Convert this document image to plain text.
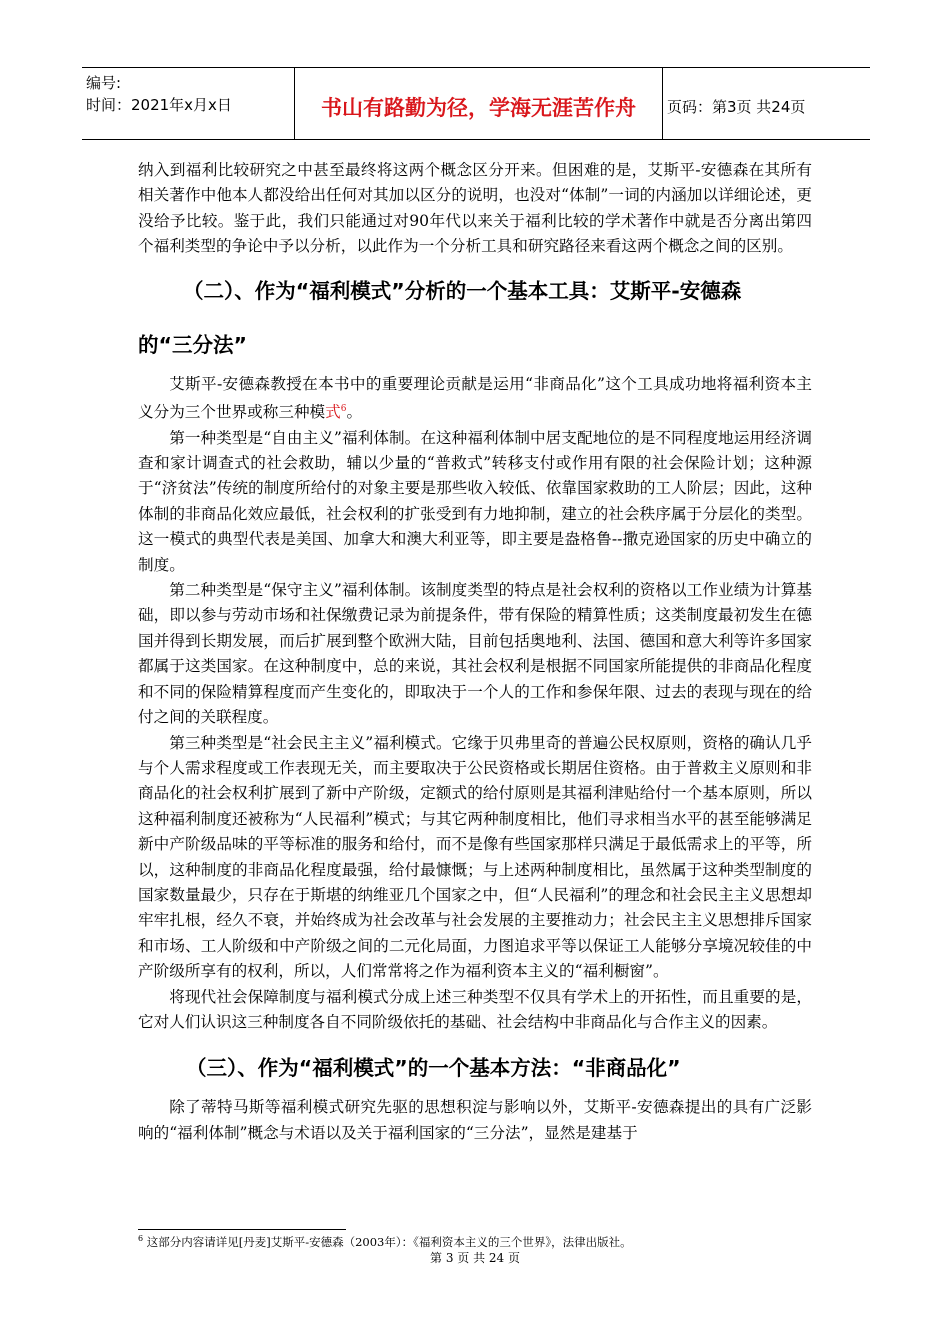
编号:
时间：2021年x月x日	书山有路勤为径，学海无涯苦作舟	页码：第3页 共24页

纳入到福利比较研究之中甚至最终将这两个概念区分开来。但困难的是，艾斯平-安德森在其所有相关著作中他本人都没给出任何对其加以区分的说明，也没对“体制”一词的内涵加以详细论述，更没给予比较。鉴于此，我们只能通过对90年代以来关于福利比较的学术著作中就是否分离出第四个福利类型的争论中予以分析，以此作为一个分析工具和研究路径来看这两个概念之间的区别。

（二）、作为“福利模式”分析的一个基本工具：艾斯平-安德森
的“三分法”

艾斯平-安德森教授在本书中的重要理论贡献是运用“非商品化”这个工具成功地将福利资本主义分为三个世界或称三种模式$^6$。

第一种类型是“自由主义”福利体制。在这种福利体制中居支配地位的是不同程度地运用经济调查和家计调查式的社会救助，辅以少量的“普救式”转移支付或作用有限的社会保险计划；这种源于“济贫法”传统的制度所给付的对象主要是那些收入较低、依靠国家救助的工人阶层；因此，这种体制的非商品化效应最低，社会权利的扩张受到有力地抑制，建立的社会秩序属于分层化的类型。这一模式的典型代表是美国、加拿大和澳大利亚等，即主要是盎格鲁--撒克逊国家的历史中确立的制度。

第二种类型是“保守主义”福利体制。该制度类型的特点是社会权利的资格以工作业绩为计算基础，即以参与劳动市场和社保缴费记录为前提条件，带有保险的精算性质；这类制度最初发生在德国并得到长期发展，而后扩展到整个欧洲大陆，目前包括奥地利、法国、德国和意大利等许多国家都属于这类国家。在这种制度中，总的来说，其社会权利是根据不同国家所能提供的非商品化程度和不同的保险精算程度而产生变化的，即取决于一个人的工作和参保年限、过去的表现与现在的给付之间的关联程度。

第三种类型是“社会民主主义”福利模式。它缘于贝弗里奇的普遍公民权原则，资格的确认几乎与个人需求程度或工作表现无关，而主要取决于公民资格或长期居住资格。由于普救主义原则和非商品化的社会权利扩展到了新中产阶级，定额式的给付原则是其福利津贴给付一个基本原则，所以这种福利制度还被称为“人民福利”模式；与其它两种制度相比，他们寻求相当水平的甚至能够满足新中产阶级品味的平等标准的服务和给付，而不是像有些国家那样只满足于最低需求上的平等，所以，这种制度的非商品化程度最强，给付最慷慨；与上述两种制度相比，虽然属于这种类型制度的国家数量最少，只存在于斯堪的纳维亚几个国家之中，但“人民福利”的理念和社会民主主义思想却牢牢扎根，经久不衰，并始终成为社会改革与社会发展的主要推动力；社会民主主义思想排斥国家和市场、工人阶级和中产阶级之间的二元化局面，力图追求平等以保证工人能够分享境况较佳的中产阶级所享有的权利，所以，人们常常将之作为福利资本主义的“福利橱窗”。

将现代社会保障制度与福利模式分成上述三种类型不仅具有学术上的开拓性，而且重要的是，它对人们认识这三种制度各自不同阶级依托的基础、社会结构中非商品化与合作主义的因素。

（三）、作为“福利模式”的一个基本方法：“非商品化”

除了蒂特马斯等福利模式研究先驱的思想积淀与影响以外，艾斯平-安德森提出的具有广泛影响的“福利体制”概念与术语以及关于福利国家的“三分法”，显然是建基于

$^6$ 这部分内容请详见[丹麦]艾斯平-安德森（2003年）：《福利资本主义的三个世界》，法律出版社。
第 3 页 共 24 页
